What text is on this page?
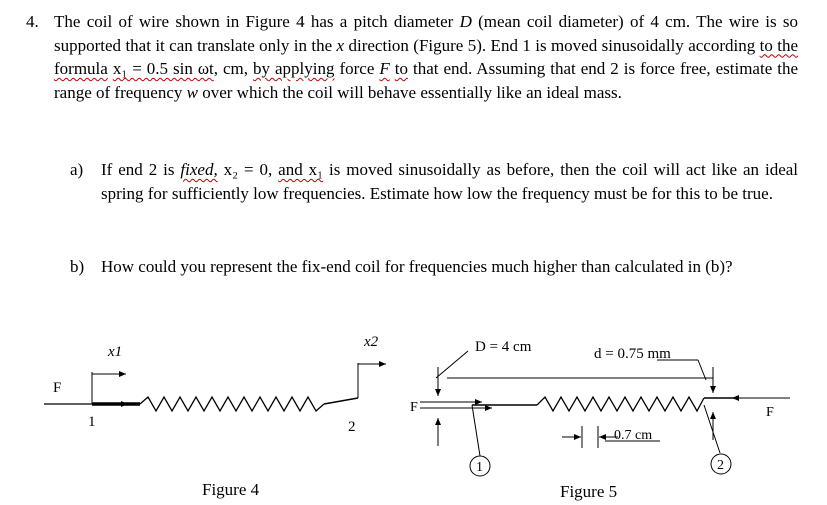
4. The coil of wire shown in Figure 4 has a pitch diameter D (mean coil diameter) of 4 cm. The wire is so supported that it can translate only in the x direction (Figure 5). End 1 is moved sinusoidally according to the formula x₁ = 0.5 sin ωt, cm, by applying force F to that end. Assuming that end 2 is force free, estimate the range of frequency w over which the coil will behave essentially like an ideal mass.
a) If end 2 is fixed, x₂ = 0, and x₁ is moved sinusoidally as before, then the coil will act like an ideal spring for sufficiently low frequencies. Estimate how low the frequency must be for this to be true.
b) How could you represent the fix-end coil for frequencies much higher than calculated in (b)?
x1
x2
F
1	2
D = 4 cm
F	F
d = 0.75 mm
0.7 cm
1	2
Figure 4	Figure 5
